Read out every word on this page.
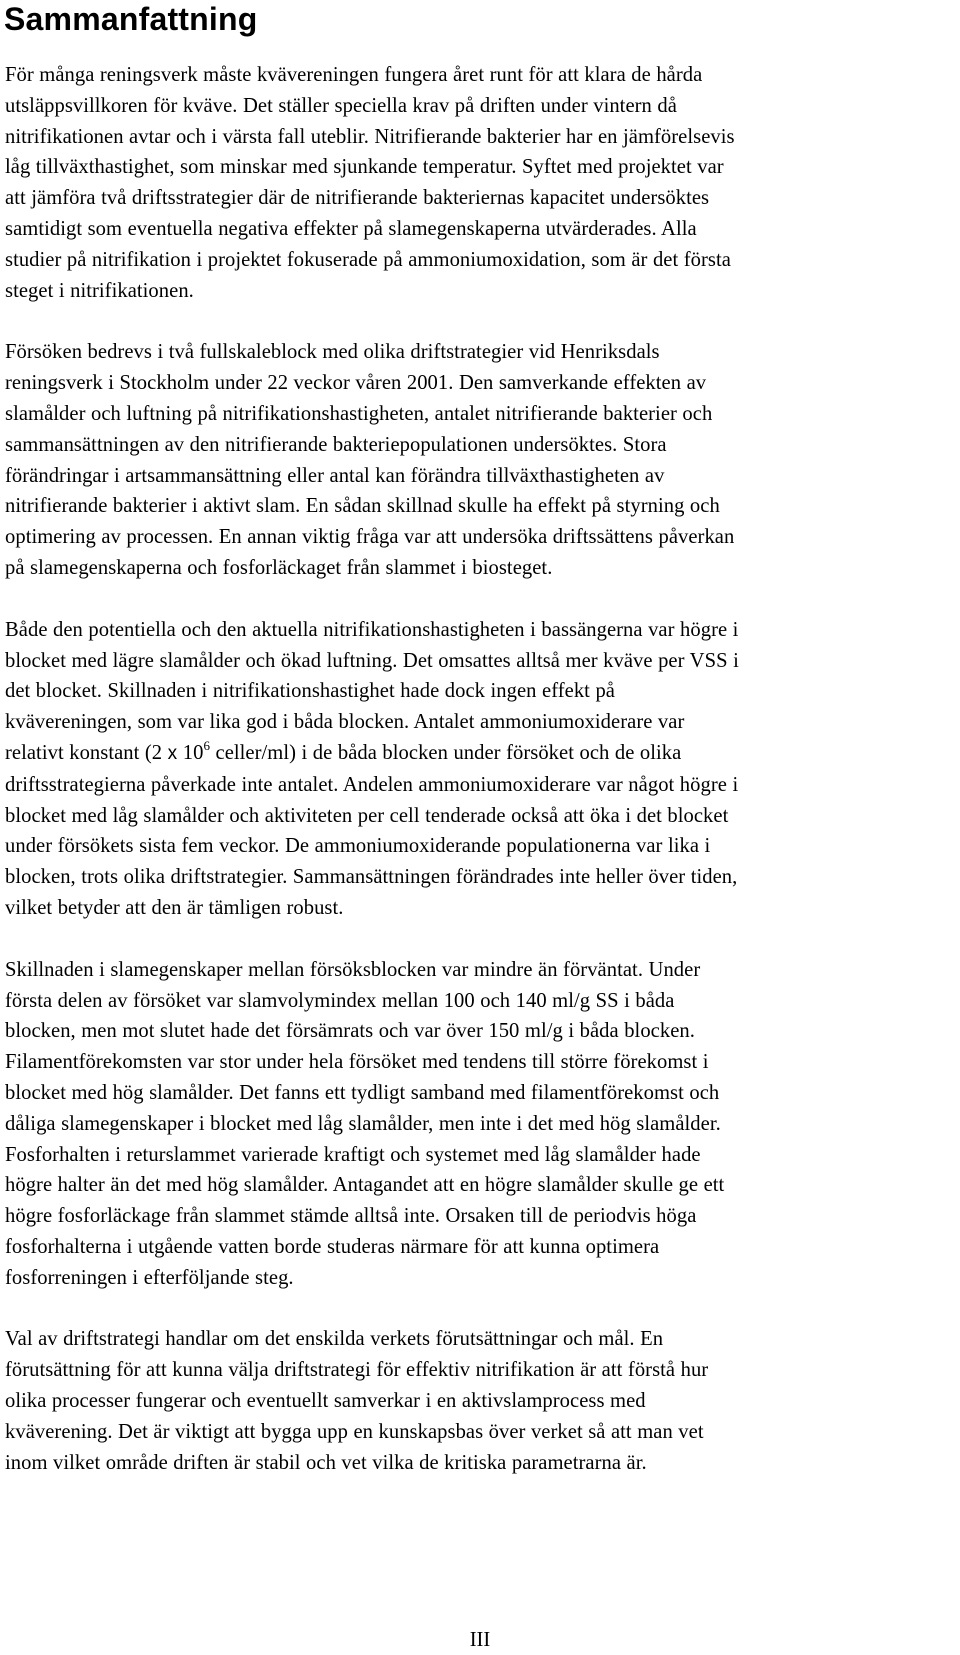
Sammanfattning

För många reningsverk måste kvävereningen fungera året runt för att klara de hårda
utsläppsvillkoren för kväve. Det ställer speciella krav på driften under vintern då
nitrifikationen avtar och i värsta fall uteblir. Nitrifierande bakterier har en jämförelsevis
låg tillväxthastighet, som minskar med sjunkande temperatur. Syftet med projektet var
att jämföra två driftsstrategier där de nitrifierande bakteriernas kapacitet undersöktes
samtidigt som eventuella negativa effekter på slamegenskaperna utvärderades. Alla
studier på nitrifikation i projektet fokuserade på ammoniumoxidation, som är det första
steget i nitrifikationen.

Försöken bedrevs i två fullskaleblock med olika driftstrategier vid Henriksdals
reningsverk i Stockholm under 22 veckor våren 2001. Den samverkande effekten av
slamålder och luftning på nitrifikationshastigheten, antalet nitrifierande bakterier och
sammansättningen av den nitrifierande bakteriepopulationen undersöktes. Stora
förändringar i artsammansättning eller antal kan förändra tillväxthastigheten av
nitrifierande bakterier i aktivt slam. En sådan skillnad skulle ha effekt på styrning och
optimering av processen. En annan viktig fråga var att undersöka driftssättens påverkan
på slamegenskaperna och fosforläckaget från slammet i biosteget.

Både den potentiella och den aktuella nitrifikationshastigheten i bassängerna var högre i
blocket med lägre slamålder och ökad luftning. Det omsattes alltså mer kväve per VSS i
det blocket. Skillnaden i nitrifikationshastighet hade dock ingen effekt på
kvävereningen, som var lika god i båda blocken. Antalet ammoniumoxiderare var
relativt konstant (2 x $10^6$ celler/ml) i de båda blocken under försöket och de olika
driftsstrategierna påverkade inte antalet. Andelen ammoniumoxiderare var något högre i
blocket med låg slamålder och aktiviteten per cell tenderade också att öka i det blocket
under försökets sista fem veckor. De ammoniumoxiderande populationerna var lika i
blocken, trots olika driftstrategier. Sammansättningen förändrades inte heller över tiden,
vilket betyder att den är tämligen robust.

Skillnaden i slamegenskaper mellan försöksblocken var mindre än förväntat. Under
första delen av försöket var slamvolymindex mellan 100 och 140 ml/g SS i båda
blocken, men mot slutet hade det försämrats och var över 150 ml/g i båda blocken.
Filamentförekomsten var stor under hela försöket med tendens till större förekomst i
blocket med hög slamålder. Det fanns ett tydligt samband med filamentförekomst och
dåliga slamegenskaper i blocket med låg slamålder, men inte i det med hög slamålder.
Fosforhalten i returslammet varierade kraftigt och systemet med låg slamålder hade
högre halter än det med hög slamålder. Antagandet att en högre slamålder skulle ge ett
högre fosforläckage från slammet stämde alltså inte. Orsaken till de periodvis höga
fosforhalterna i utgående vatten borde studeras närmare för att kunna optimera
fosforreningen i efterföljande steg.

Val av driftstrategi handlar om det enskilda verkets förutsättningar och mål. En
förutsättning för att kunna välja driftstrategi för effektiv nitrifikation är att förstå hur
olika processer fungerar och eventuellt samverkar i en aktivslamprocess med
kväverening. Det är viktigt att bygga upp en kunskapsbas över verket så att man vet
inom vilket område driften är stabil och vet vilka de kritiska parametrarna är.

III
